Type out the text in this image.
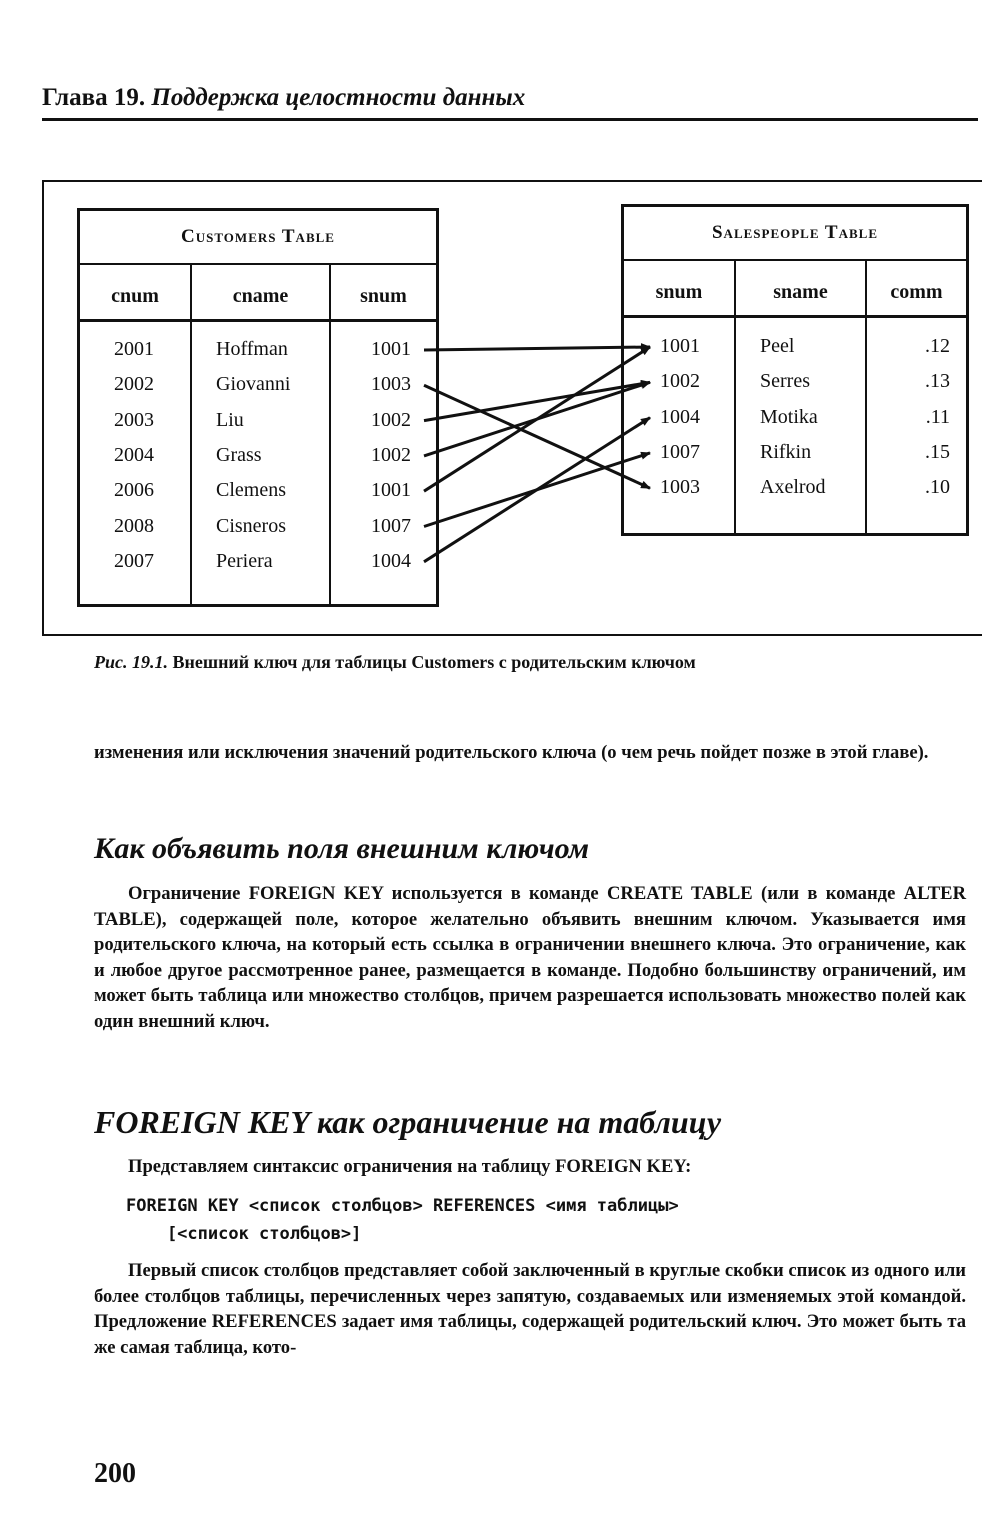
Глава 19. Поддержка целостности данных
Customers Table
cnum	cname	snum
2001	Hoffman	1001
2002	Giovanni	1003
2003	Liu	1002
2004	Grass	1002
2006	Clemens	1001
2008	Cisneros	1007
2007	Periera	1004
Salespeople Table
snum	sname	comm
1001	Peel	.12
1002	Serres	.13
1004	Motika	.11
1007	Rifkin	.15
1003	Axelrod	.10
Рис. 19.1. Внешний ключ для таблицы Customers с родительским ключом
изменения или исключения значений родительского ключа (о чем речь пойдет позже в этой главе).
Как объявить поля внешним ключом
Ограничение FOREIGN KEY используется в команде CREATE TABLE (или в команде ALTER TABLE), содержащей поле, которое желательно объявить внешним ключом. Указывается имя родительского ключа, на который есть ссылка в ограничении внешнего ключа. Это ограничение, как и любое другое рассмотренное ранее, размещается в команде. Подобно большинству ограничений, им может быть таблица или множество столбцов, причем разрешается использовать множество полей как один внешний ключ.
FOREIGN KEY как ограничение на таблицу
Представляем синтаксис ограничения на таблицу FOREIGN KEY:
FOREIGN KEY <список столбцов> REFERENCES <имя таблицы>
[<список столбцов>]
Первый список столбцов представляет собой заключенный в круглые скобки список из одного или более столбцов таблицы, перечисленных через запятую, создаваемых или изменяемых этой командой. Предложение REFERENCES задает имя таблицы, содержащей родительский ключ. Это может быть та же самая таблица, кото-
200
